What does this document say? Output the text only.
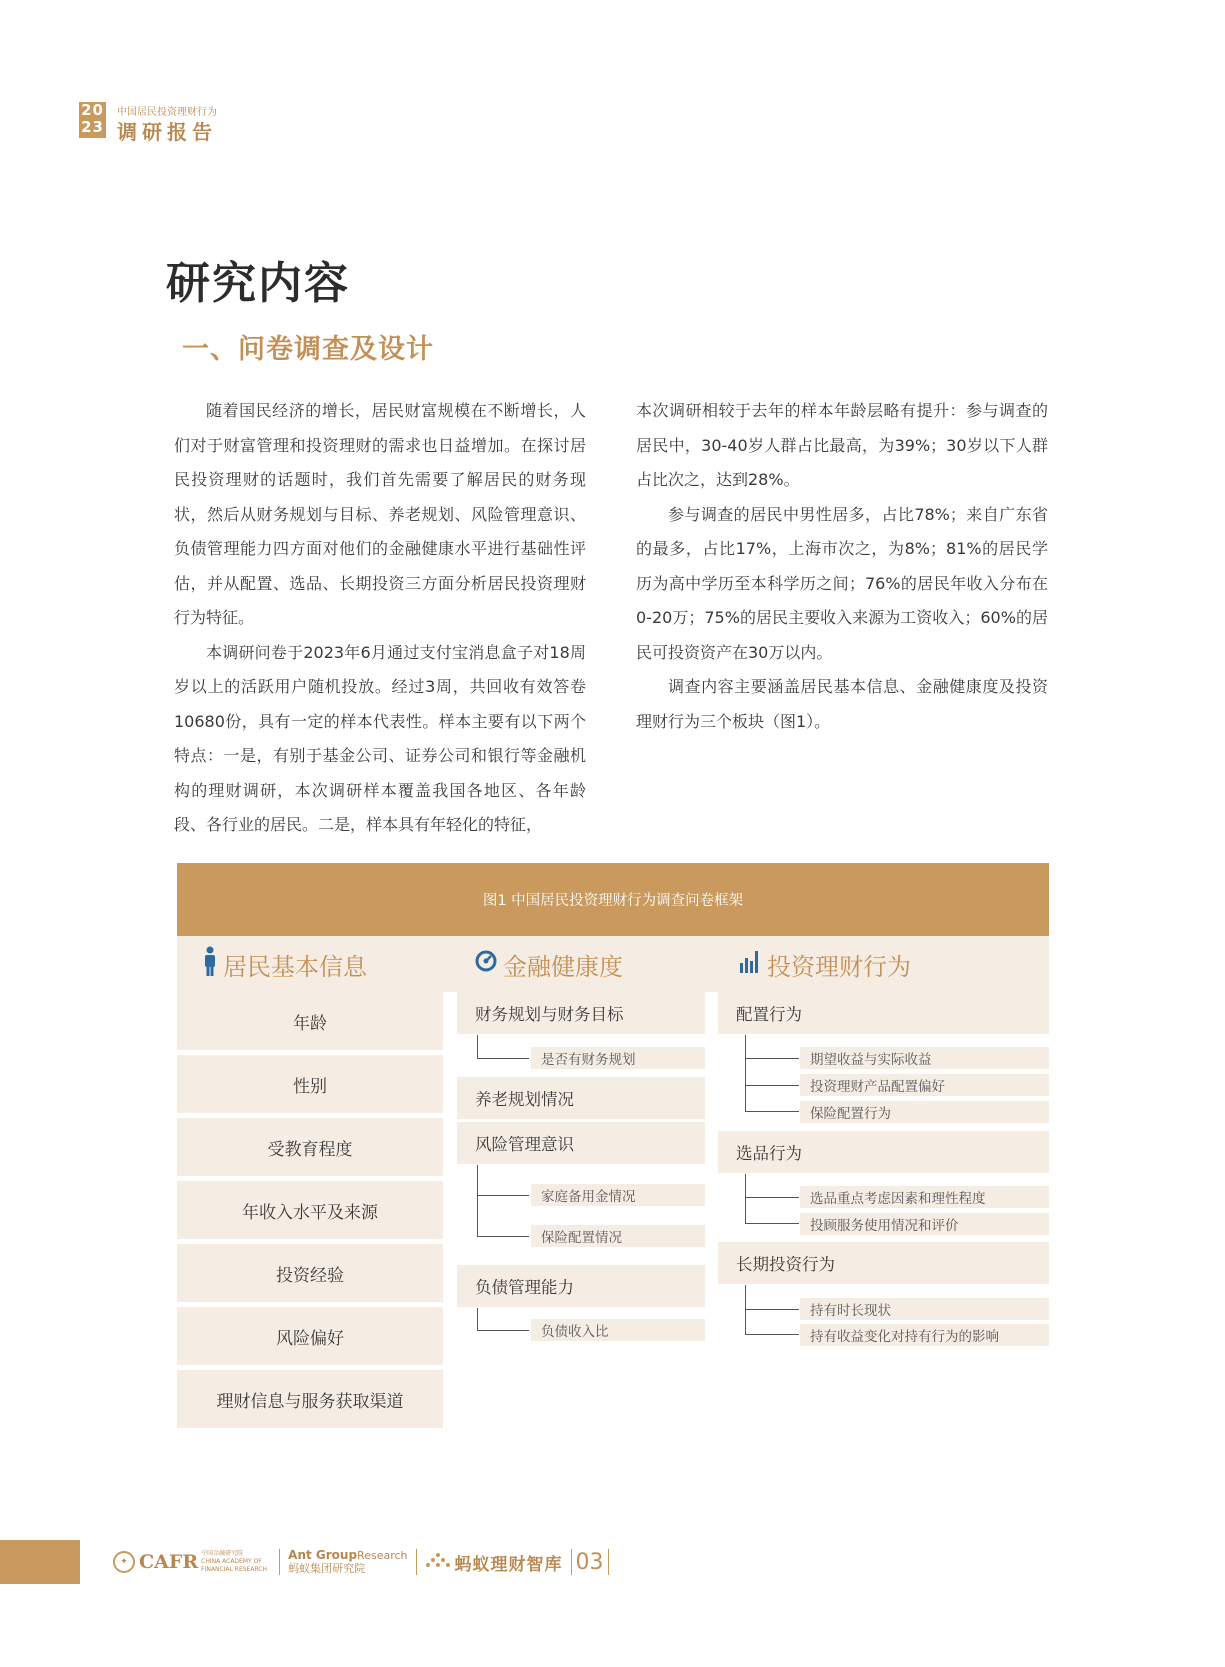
20
23
中国居民投资理财行为
调研报告
研究内容
一、问卷调查及设计

随着国民经济的增长，居民财富规模在不断增长，人们对于财富管理和投资理财的需求也日益增加。在探讨居民投资理财的话题时，我们首先需要了解居民的财务现状，然后从财务规划与目标、养老规划、风险管理意识、负债管理能力四方面对他们的金融健康水平进行基础性评估，并从配置、选品、长期投资三方面分析居民投资理财行为特征。

本调研问卷于2023年6月通过支付宝消息盒子对18周岁以上的活跃用户随机投放。经过3周，共回收有效答卷10680份，具有一定的样本代表性。样本主要有以下两个特点：一是，有别于基金公司、证券公司和银行等金融机构的理财调研，本次调研样本覆盖我国各地区、各年龄段、各行业的居民。二是，样本具有年轻化的特征，

本次调研相较于去年的样本年龄层略有提升：参与调查的居民中，30-40岁人群占比最高，为39%；30岁以下人群占比次之，达到28%。

参与调查的居民中男性居多，占比78%；来自广东省的最多，占比17%，上海市次之，为8%；81%的居民学历为高中学历至本科学历之间；76%的居民年收入分布在0-20万；75%的居民主要收入来源为工资收入；60%的居民可投资资产在30万以内。

调查内容主要涵盖居民基本信息、金融健康度及投资理财行为三个板块（图1）。

图1 中国居民投资理财行为调查问卷框架
居民基本信息	金融健康度	投资理财行为
年龄
性别
受教育程度
年收入水平及来源
投资经验
风险偏好
理财信息与服务获取渠道
财务规划与财务目标
是否有财务规划
养老规划情况
风险管理意识
家庭备用金情况
保险配置情况
负债管理能力
负债收入比
配置行为
期望收益与实际收益
投资理财产品配置偏好
保险配置行为
选品行为
选品重点考虑因素和理性程度
投顾服务使用情况和评价
长期投资行为
持有时长现状
持有收益变化对持有行为的影响
✦ CAFR 中国金融研究院
CHINA ACADEMY OF FINANCIAL RESEARCH
Ant GroupResearch
蚂蚁集团研究院	蚂蚁理财智库 03
